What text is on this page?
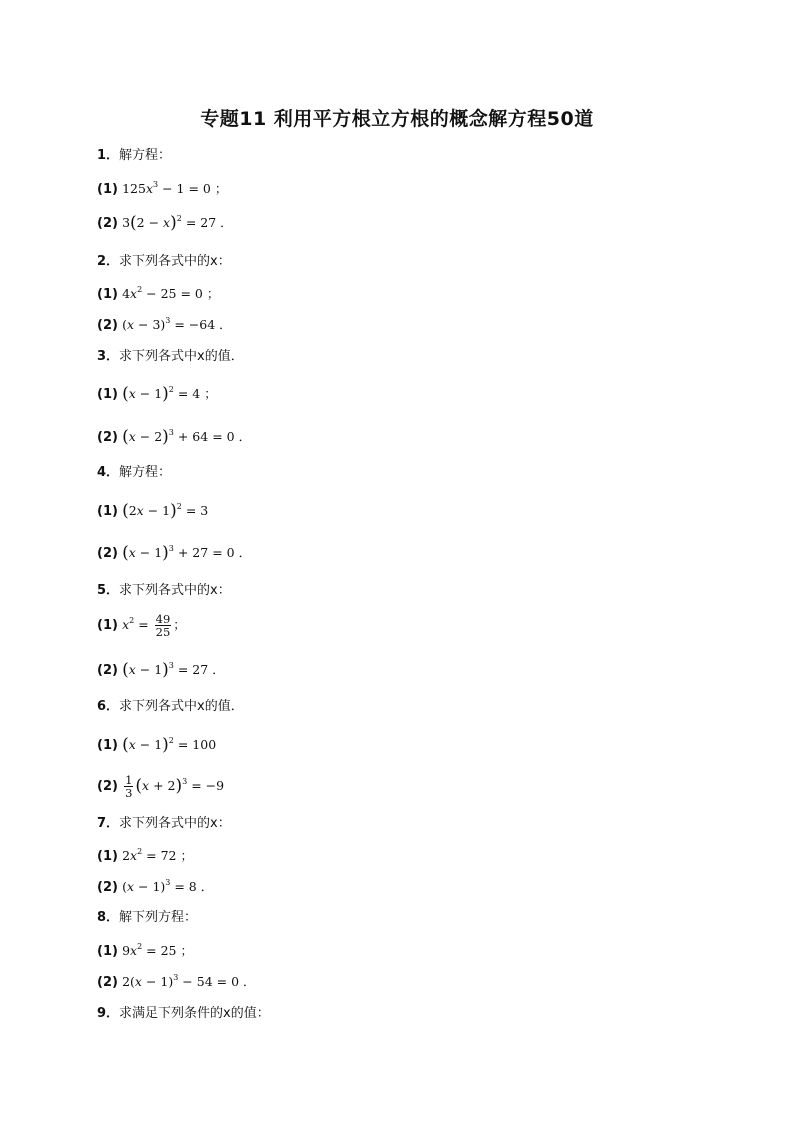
专题11 利用平方根立方根的概念解方程50道
1．解方程：
(1) $125x^3 - 1 = 0$ ；
(2) $3(2 - x)^2 = 27$ ．
2．求下列各式中的x：
(1) $4x^2 - 25 = 0$ ；
(2) $(x - 3)^3 = -64$ ．
3．求下列各式中x的值．
(1) $(x - 1)^2 = 4$ ；
(2) $(x - 2)^3 + 64 = 0$ ．
4．解方程：
(1) $(2x - 1)^2 = 3$
(2) $(x - 1)^3 + 27 = 0$ ．
5．求下列各式中的x：
(1) $x^2 = \frac{49}{25}$ ；
(2) $(x - 1)^3 = 27$ ．
6．求下列各式中x的值．
(1) $(x - 1)^2 = 100$
$(2) \frac{1}{3} (x + 2)^3 = -9$
7．求下列各式中的x：
(1) $2x^2 = 72$ ；
(2) $(x - 1)^3 = 8$ ．
8．解下列方程：
(1) $9x^2 = 25$ ；
(2) $2(x - 1)^3 - 54 = 0$ ．
9．求满足下列条件的x的值：
